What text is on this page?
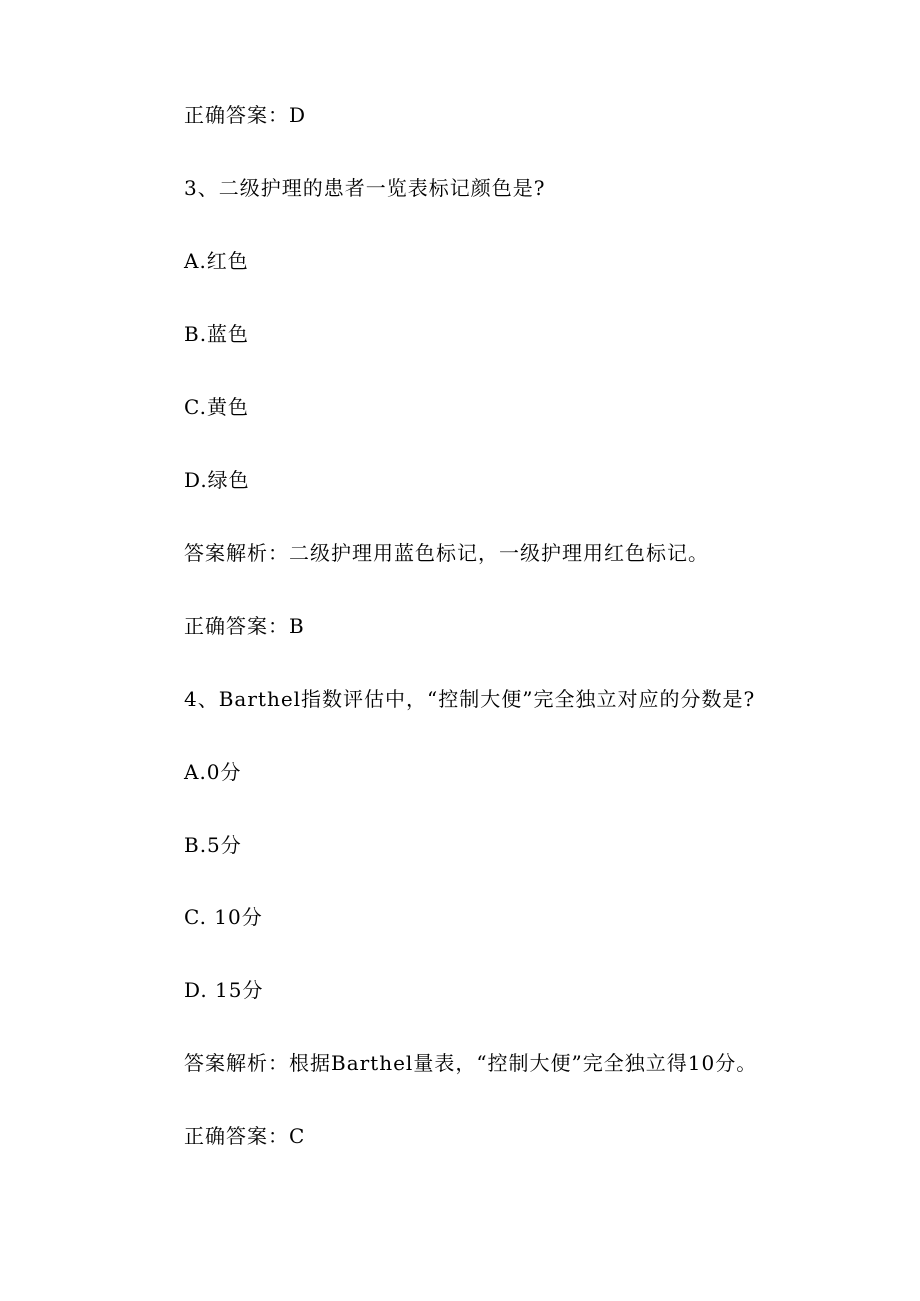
正确答案：D
3、二级护理的患者一览表标记颜色是?
A.红色
B.蓝色
C.黄色
D.绿色
答案解析：二级护理用蓝色标记，一级护理用红色标记。
正确答案：B
4、Barthel指数评估中，“控制大便”完全独立对应的分数是?
A.0分
B.5分
C. 10分
D. 15分
答案解析：根据Barthel量表，“控制大便”完全独立得10分。
正确答案：C
